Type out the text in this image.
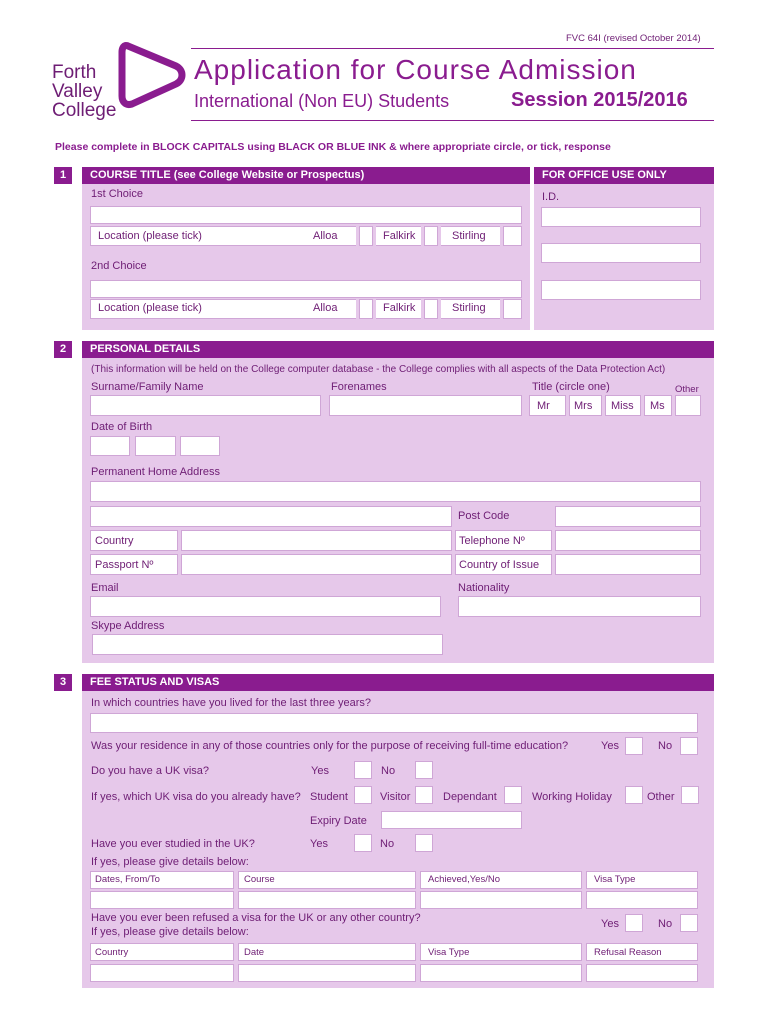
FVC 64I (revised October 2014)
Forth
Valley
College
Application for Course Admission
International (Non EU) Students	Session 2015/2016
Please complete in BLOCK CAPITALS using BLACK OR BLUE INK & where appropriate circle, or tick, response
1	COURSE TITLE (see College Website or Prospectus)	FOR OFFICE USE ONLY
1st Choice
Location (please tick)	Alloa	Falkirk	Stirling
2nd Choice
Location (please tick)	Alloa	Falkirk	Stirling
I.D.
2	PERSONAL DETAILS
(This information will be held on the College computer database - the College complies with all aspects of the Data Protection Act)
Surname/Family Name	Forenames	Title (circle one)	Other
Mr Mrs Miss Ms
Date of Birth
Permanent Home Address
Post Code
Country	Telephone Nº
Passport Nº	Country of Issue
Email	Nationality
Skype Address
3	FEE STATUS AND VISAS
In which countries have you lived for the last three years?
Was your residence in any of those countries only for the purpose of receiving full-time education?	Yes	No
Do you have a UK visa?	Yes	No
If yes, which UK visa do you already have? Student	Visitor	Dependant	Working Holiday	Other
Expiry Date
Have you ever studied in the UK?	Yes	No
If yes, please give details below:
Dates, From/To	Course	Achieved,Yes/No	Visa Type
Have you ever been refused a visa for the UK or any other country?
If yes, please give details below:
Yes	No
Country	Date	Visa Type	Refusal Reason
